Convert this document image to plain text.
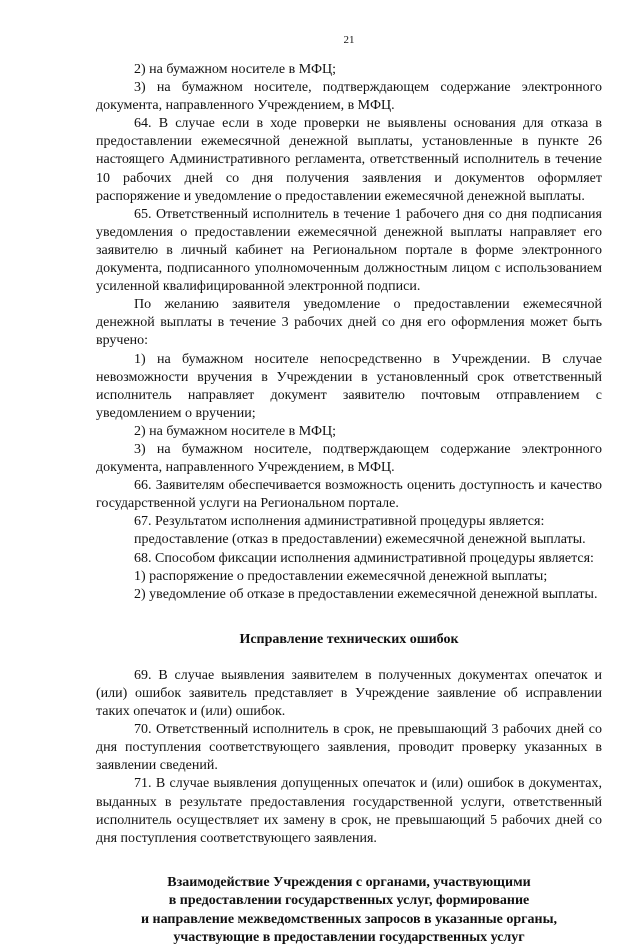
21

2) на бумажном носителе в МФЦ;

3) на бумажном носителе, подтверждающем содержание электронного документа, направленного Учреждением, в МФЦ.

64. В случае если в ходе проверки не выявлены основания для отказа в предоставлении ежемесячной денежной выплаты, установленные в пункте 26 настоящего Административного регламента, ответственный исполнитель в течение 10 рабочих дней со дня получения заявления и документов оформляет распоряжение и уведомление о предоставлении ежемесячной денежной выплаты.

65. Ответственный исполнитель в течение 1 рабочего дня со дня подписания уведомления о предоставлении ежемесячной денежной выплаты направляет его заявителю в личный кабинет на Региональном портале в форме электронного документа, подписанного уполномоченным должностным лицом с использованием усиленной квалифицированной электронной подписи.

По желанию заявителя уведомление о предоставлении ежемесячной денежной выплаты в течение 3 рабочих дней со дня его оформления может быть вручено:

1) на бумажном носителе непосредственно в Учреждении. В случае невозможности вручения в Учреждении в установленный срок ответственный исполнитель направляет документ заявителю почтовым отправлением с уведомлением о вручении;

2) на бумажном носителе в МФЦ;

3) на бумажном носителе, подтверждающем содержание электронного документа, направленного Учреждением, в МФЦ.

66. Заявителям обеспечивается возможность оценить доступность и качество государственной услуги на Региональном портале.

67. Результатом исполнения административной процедуры является:

предоставление (отказ в предоставлении) ежемесячной денежной выплаты.

68. Способом фиксации исполнения административной процедуры является:

1) распоряжение о предоставлении ежемесячной денежной выплаты;

2) уведомление об отказе в предоставлении ежемесячной денежной выплаты.

Исправление технических ошибок

69. В случае выявления заявителем в полученных документах опечаток и (или) ошибок заявитель представляет в Учреждение заявление об исправлении таких опечаток и (или) ошибок.

70. Ответственный исполнитель в срок, не превышающий 3 рабочих дней со дня поступления соответствующего заявления, проводит проверку указанных в заявлении сведений.

71. В случае выявления допущенных опечаток и (или) ошибок в документах, выданных в результате предоставления государственной услуги, ответственный исполнитель осуществляет их замену в срок, не превышающий 5 рабочих дней со дня поступления соответствующего заявления.

Взаимодействие Учреждения с органами, участвующими
в предоставлении государственных услуг, формирование
и направление межведомственных запросов в указанные органы,
участвующие в предоставлении государственных услуг
